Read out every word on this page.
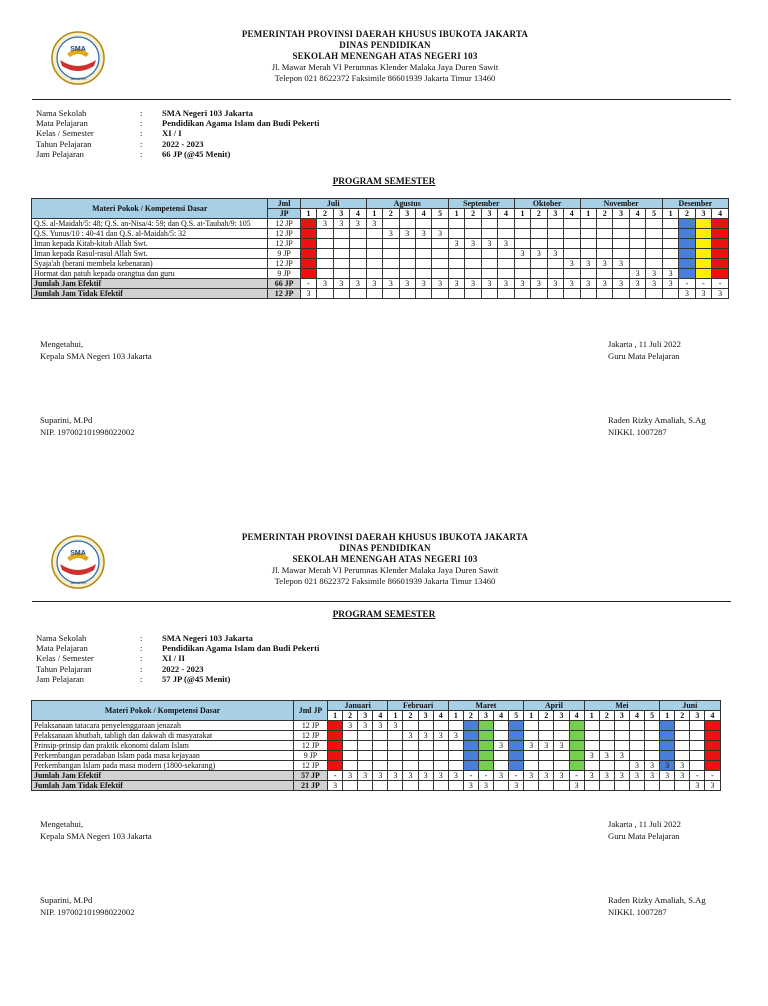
SMA
JAKARTA
PEMERINTAH PROVINSI DAERAH KHUSUS IBUKOTA JAKARTA
DINAS PENDIDIKAN
SEKOLAH MENENGAH ATAS NEGERI 103
Jl. Mawar Merah VI Perumnas Klender Malaka Jaya Duren Sawit
Telepon 021 8622372 Faksimile 86601939 Jakarta Timur 13460
Nama Sekolah	:	SMA Negeri 103 Jakarta
Mata Pelajaran	:	Pendidikan Agama Islam dan Budi Pekerti
Kelas / Semester	:	XI / I
Tahun Pelajaran	:	2022 - 2023
Jam Pelajaran	:	66 JP (@45 Menit)
PROGRAM SEMESTER
Materi Pokok / Kompetensi Dasar	Jml	Juli				Agustus					September				Oktober				November					Desember			
	JP	1	2	3	4	1	2	3	4	5	1	2	3	4	1	2	3	4	1	2	3	4	5	1	2	3	4
Q.S. al-Maidah/5: 48; Q.S. an-Nisa/4: 59; dan Q.S. at-Taubah/9: 105	12 JP		3	3	3	3																					
Q.S. Yunus/10 : 40-41 dan Q.S. al-Maidah/5: 32	12 JP						3	3	3	3																	
Iman kepada Kitab-kitab Allah Swt.	12 JP										3	3	3	3													
Iman kepada Rasul-rasul Allah Swt.	9 JP														3	3	3										
Syaja'ah (berani membela kebenaran)	12 JP																	3	3	3	3						
Hormat dan patuh kepada orangtua dan guru	9 JP																					3	3	3			
Jumlah Jam Efektif	66 JP	-	3	3	3	3	3	3	3	3	3	3	3	3	3	3	3	3	3	3	3	3	3	3	-	-	-
Jumlah Jam Tidak Efektif	12 JP	3																							3	3	3
Mengetahui,
Kepala SMA Negeri 103 Jakarta
Suparini, M.Pd
NIP. 197002101998022002
Jakarta , 11 Juli 2022
Guru Mata Pelajaran
Raden Rizky Amaliah, S.Ag
NIKKI. 1007287
SMA
JAKARTA
PEMERINTAH PROVINSI DAERAH KHUSUS IBUKOTA JAKARTA
DINAS PENDIDIKAN
SEKOLAH MENENGAH ATAS NEGERI 103
Jl. Mawar Merah VI Perumnas Klender Malaka Jaya Duren Sawit
Telepon 021 8622372 Faksimile 86601939 Jakarta Timur 13460
PROGRAM SEMESTER
Nama Sekolah	:	SMA Negeri 103 Jakarta
Mata Pelajaran	:	Pendidikan Agama Islam dan Budi Pekerti
Kelas / Semester	:	XI / II
Tahun Pelajaran	:	2022 - 2023
Jam Pelajaran	:	57 JP (@45 Menit)
Materi Pokok / Kompetensi Dasar	Jml JP	Januari				Februari				Maret					April				Mei					Juni			
		1	2	3	4	1	2	3	4	1	2	3	4	5	1	2	3	4	1	2	3	4	5	1	2	3	4
Pelaksanaan tatacara penyelenggaraan jenazah	12 JP		3	3	3	3																					
Pelaksanaan khutbah, tabligh dan dakwah di masyarakat	12 JP						3	3	3	3																	
Prinsip-prinsip dan praktik ekonomi dalam Islam	12 JP												3		3	3	3										
Perkembangan peradaban Islam pada masa kejayaan	9 JP																		3	3	3						
Perkembangan Islam pada masa modern (1800-sekarang)	12 JP																					3	3	3	3		
Jumlah Jam Efektif	57 JP	-	3	3	3	3	3	3	3	3	-	-	3	-	3	3	3	-	3	3	3	3	3	3	3	-	-
Jumlah Jam Tidak Efektif	21 JP	3									3	3		3				3								3	3
Mengetahui,
Kepala SMA Negeri 103 Jakarta
Suparini, M.Pd
NIP. 197002101998022002
Jakarta , 11 Juli 2022
Guru Mata Pelajaran
Raden Rizky Amaliah, S.Ag
NIKKI. 1007287
